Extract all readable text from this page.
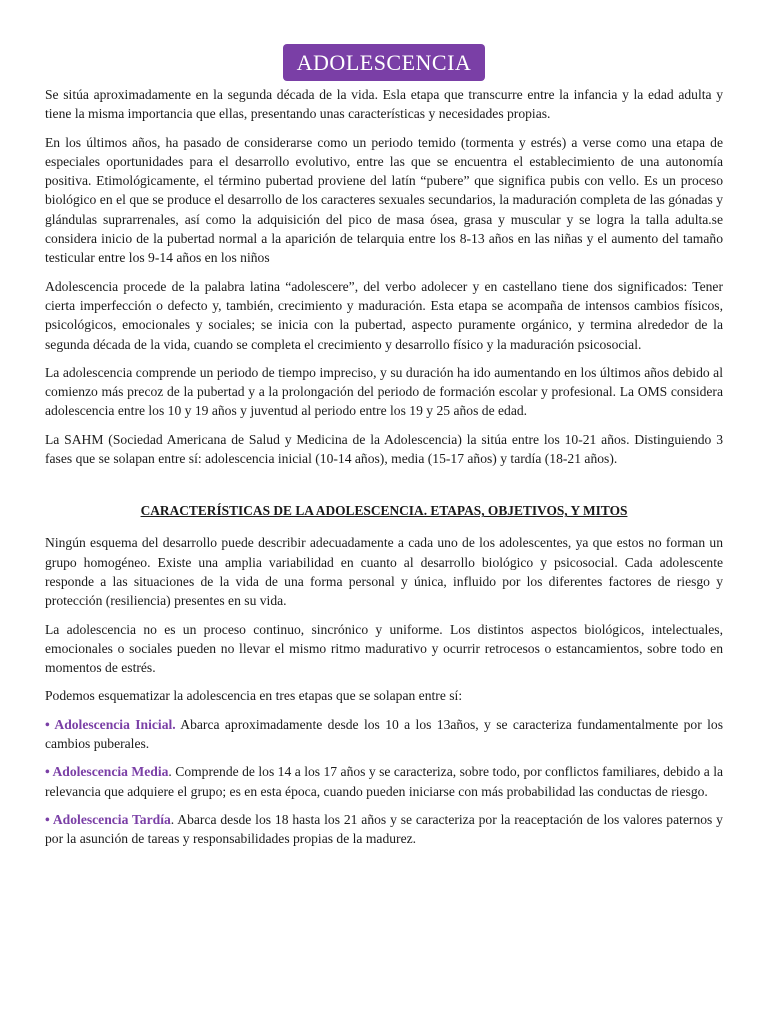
ADOLESCENCIA

Se sitúa aproximadamente en la segunda década de la vida. Esla etapa que transcurre entre la infancia y la edad adulta y tiene la misma importancia que ellas, presentando unas características y necesidades propias.

En los últimos años, ha pasado de considerarse como un periodo temido (tormenta y estrés) a verse como una etapa de especiales oportunidades para el desarrollo evolutivo, entre las que se encuentra el establecimiento de una autonomía positiva. Etimológicamente, el término pubertad proviene del latín “pubere” que significa pubis con vello. Es un proceso biológico en el que se produce el desarrollo de los caracteres sexuales secundarios, la maduración completa de las gónadas y glándulas suprarrenales, así como la adquisición del pico de masa ósea, grasa y muscular y se logra la talla adulta.se considera inicio de la pubertad normal a la aparición de telarquia entre los 8-13 años en las niñas y el aumento del tamaño testicular entre los 9-14 años en los niños

Adolescencia procede de la palabra latina “adolescere”, del verbo adolecer y en castellano tiene dos significados: Tener cierta imperfección o defecto y, también, crecimiento y maduración. Esta etapa se acompaña de intensos cambios físicos, psicológicos, emocionales y sociales; se inicia con la pubertad, aspecto puramente orgánico, y termina alrededor de la segunda década de la vida, cuando se completa el crecimiento y desarrollo físico y la maduración psicosocial.

La adolescencia comprende un periodo de tiempo impreciso, y su duración ha ido aumentando en los últimos años debido al comienzo más precoz de la pubertad y a la prolongación del periodo de formación escolar y profesional. La OMS considera adolescencia entre los 10 y 19 años y juventud al periodo entre los 19 y 25 años de edad.

La SAHM (Sociedad Americana de Salud y Medicina de la Adolescencia) la sitúa entre los 10-21 años. Distinguiendo 3 fases que se solapan entre sí: adolescencia inicial (10-14 años), media (15-17 años) y tardía (18-21 años).

CARACTERÍSTICAS DE LA ADOLESCENCIA. ETAPAS, OBJETIVOS, Y MITOS

Ningún esquema del desarrollo puede describir adecuadamente a cada uno de los adolescentes, ya que estos no forman un grupo homogéneo. Existe una amplia variabilidad en cuanto al desarrollo biológico y psicosocial. Cada adolescente responde a las situaciones de la vida de una forma personal y única, influido por los diferentes factores de riesgo y protección (resiliencia) presentes en su vida.

La adolescencia no es un proceso continuo, sincrónico y uniforme. Los distintos aspectos biológicos, intelectuales, emocionales o sociales pueden no llevar el mismo ritmo madurativo y ocurrir retrocesos o estancamientos, sobre todo en momentos de estrés.

Podemos esquematizar la adolescencia en tres etapas que se solapan entre sí:

• Adolescencia Inicial. Abarca aproximadamente desde los 10 a los 13años, y se caracteriza fundamentalmente por los cambios puberales.

• Adolescencia Media. Comprende de los 14 a los 17 años y se caracteriza, sobre todo, por conflictos familiares, debido a la relevancia que adquiere el grupo; es en esta época, cuando pueden iniciarse con más probabilidad las conductas de riesgo.

• Adolescencia Tardía. Abarca desde los 18 hasta los 21 años y se caracteriza por la reaceptación de los valores paternos y por la asunción de tareas y responsabilidades propias de la madurez.
